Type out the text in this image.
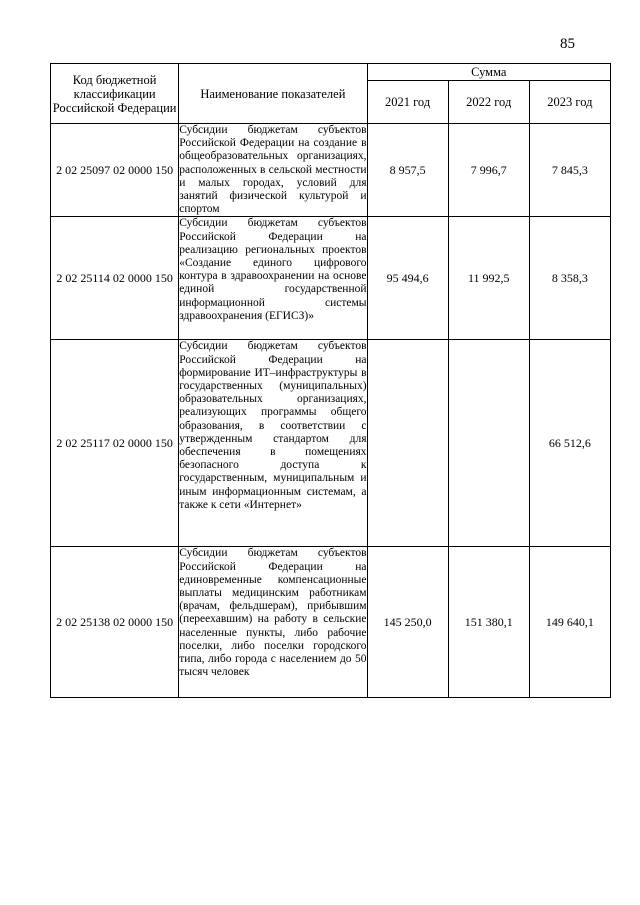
85
Код бюджетной классификации Российской Федерации	Наименование показателей	Сумма		
		2021 год	2022 год	2023 год
2 02 25097 02 0000 150	Субсидии бюджетам субъектов Российской Федерации на создание в общеобразовательных организациях, расположенных в сельской местности и малых городах, условий для занятий физической культурой и спортом	8 957,5	7 996,7	7 845,3
2 02 25114 02 0000 150	Субсидии бюджетам субъектов Российской Федерации на реализацию региональных проектов «Создание единого цифрового контура в здравоохранении на основе единой государственной информационной системы здравоохранения (ЕГИСЗ)»	95 494,6	11 992,5	8 358,3
2 02 25117 02 0000 150	Субсидии бюджетам субъектов Российской Федерации на формирование ИТ–инфраструктуры в государственных (муниципальных) образовательных организациях, реализующих программы общего образования, в соответствии с утвержденным стандартом для обеспечения в помещениях безопасного доступа к государственным, муниципальным и иным информационным системам, а также к сети «Интернет»			66 512,6
2 02 25138 02 0000 150	Субсидии бюджетам субъектов Российской Федерации на единовременные компенсационные выплаты медицинским работникам (врачам, фельдшерам), прибывшим (переехавшим) на работу в сельские населенные пункты, либо рабочие поселки, либо поселки городского типа, либо города с населением до 50 тысяч человек	145 250,0	151 380,1	149 640,1
